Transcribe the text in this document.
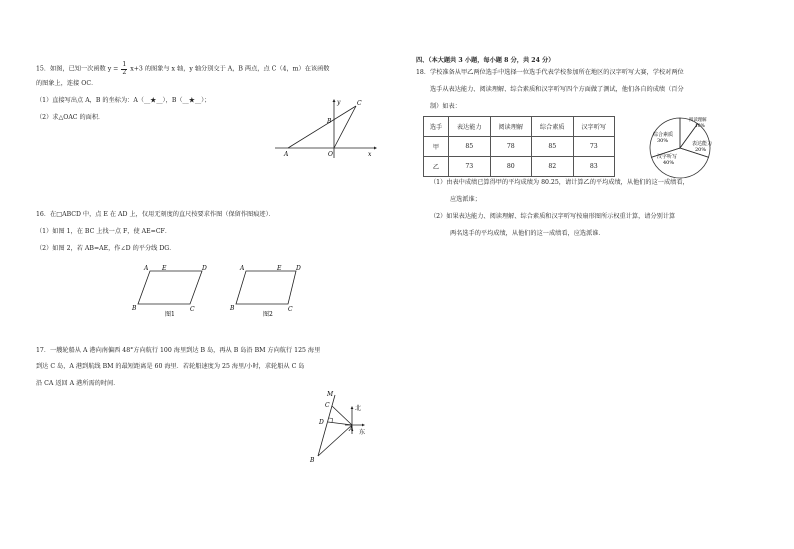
15．如图，已知一次函数 $y = \frac{1}{2} x+3$ 的图象与 x 轴，y 轴分别交于 A，B 两点，点 C（4，m）在该函数
的图象上，连接 OC．
（1）直接写出点 A，B 的坐标为：A（__★__），B（__★__）；
（2）求△OAC 的面积．
y	C
B
A	O	x
16．在□ABCD 中，点 E 在 AD 上，仅用无刻度的直尺按要求作图（保留作图痕迹）．
（1）如图 1，在 BC 上找一点 F，使 AE=CF．
（2）如图 2，若 AB=AE，作∠D 的平分线 DG．
A E	D
B	C
图1
A	E D
B	C
图2
17．一艘轮船从 A 港向南偏西 48°方向航行 100 海里到达 B 岛，再从 B 岛沿 BM 方向航行 125 海里
到达 C 岛，A 港到航线 BM 的最短距离是 60 海里．若轮船速度为 25 海里/小时，求轮船从 C 岛
沿 CA 返回 A 港所需的时间．
M
C
D
A
B
北
东
四、（本大题共 3 小题，每小题 8 分，共 24 分）
18．学校准备从甲乙两位选手中选择一位选手代表学校参加所在地区的汉字听写大赛，学校对两位
选手从表达能力、阅读理解、综合素质和汉字听写四个方面做了测试，他们各自的成绩（百分
制）如表：
选手	表达能力	阅读理解	综合素质	汉字听写
甲	85	78	85	73
乙	73	80	82	83
综合素质
30%
阅读理解
10%
表达能力
20%
汉字听写
40%
（1）由表中成绩已算得甲的平均成绩为 80.25，请计算乙的平均成绩，从他们的这一成绩看，
应选派谁；
（2）如果表达能力、阅读理解、综合素质和汉字听写按扇形图所示权重计算，请分别计算
两名选手的平均成绩，从他们的这一成绩看，应选派谁．
